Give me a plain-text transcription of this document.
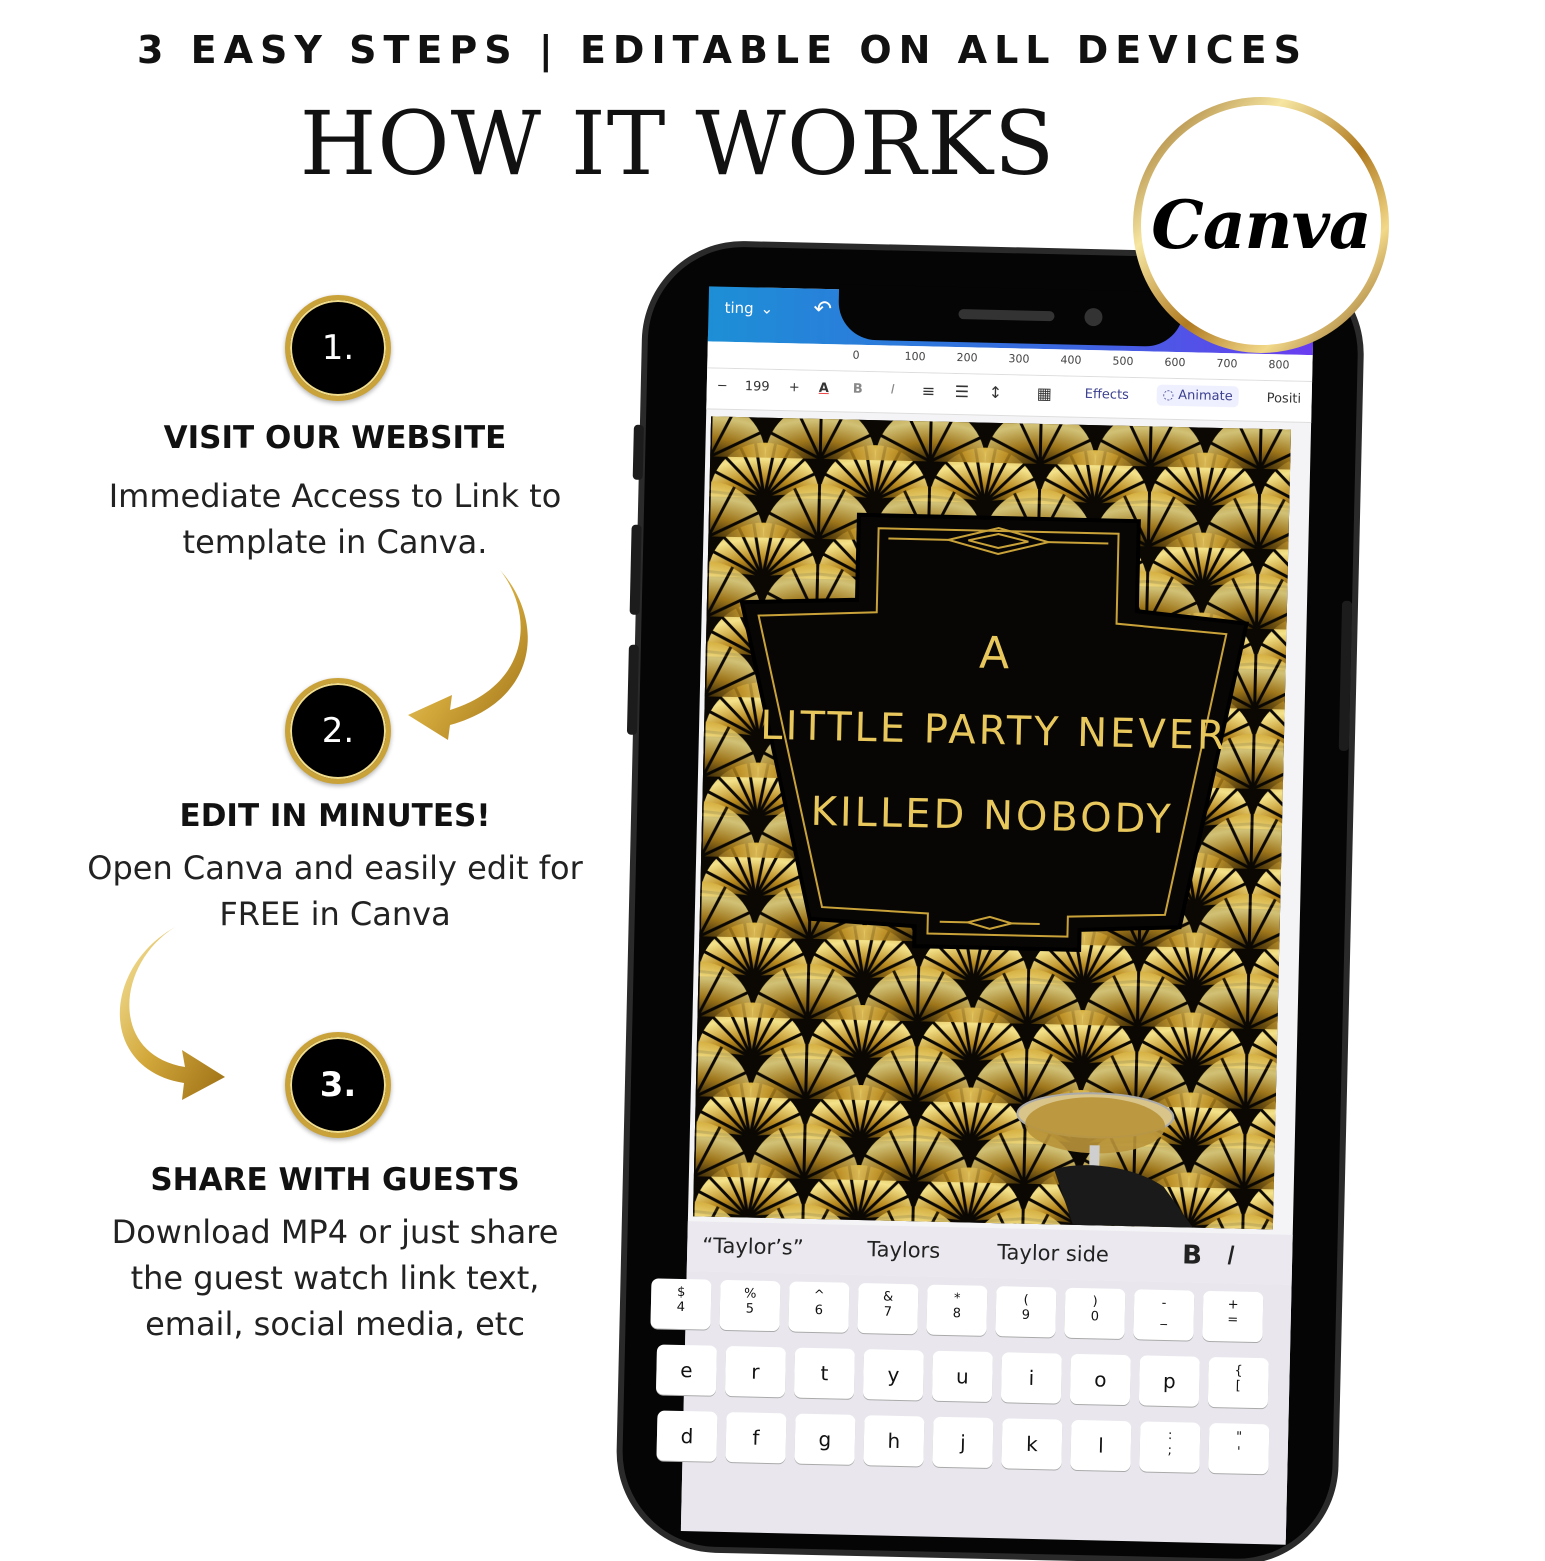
3 EASY STEPS | EDITABLE ON ALL DEVICES
HOW IT WORKS
1.
VISIT OUR WEBSITE
Immediate Access to Link to
template in Canva.
2.
EDIT IN MINUTES!
Open Canva and easily edit for
FREE in Canva
3.
SHARE WITH GUESTS
Download MP4 or just share
the guest watch link text,
email, social media, etc
ting ⌄ ↶
0	100	200	300	400	500	600	700	800
− 199 + A B I ≡ ☰ ↕ ▦ Effects	◌ Animate	Positi
A
LITTLE PARTY NEVER
KILLED NOBODY
“Taylor’s”	Taylors	Taylor side	B I
$
4
%
5
^
6
&
7
*
8
(
9
)
0
-
_
+
=
e	r	t	y	u	i	o	p	{
[
d	f	g	h	j	k	l	:
;
"
'
Canva
